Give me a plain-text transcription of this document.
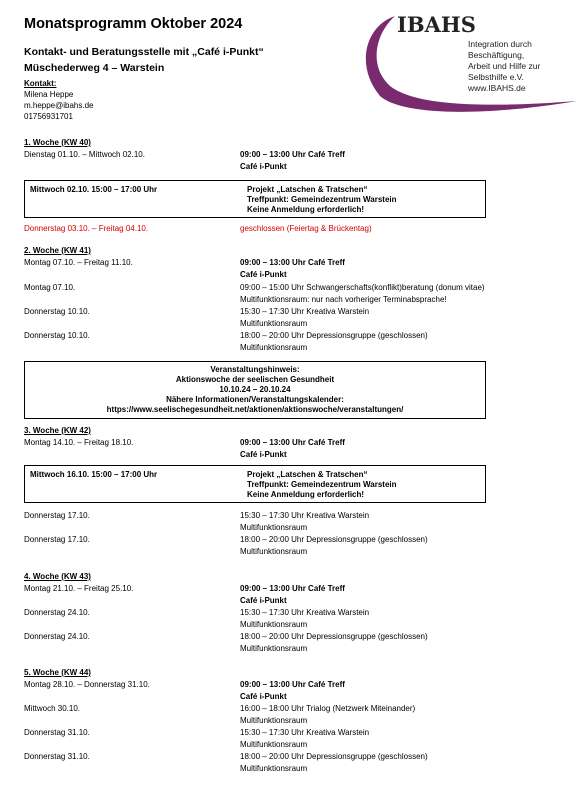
Monatsprogramm Oktober 2024
Kontakt- und Beratungsstelle mit „Café i-Punkt“
Müschederweg 4 – Warstein
Kontakt:
Milena Heppe
m.heppe@ibahs.de
01756931701
IBAHS
Integration durch
Beschäftigung,
Arbeit und Hilfe zur
Selbsthilfe e.V.
www.IBAHS.de
1. Woche (KW 40)
Dienstag 01.10. – Mittwoch 02.10.	09:00 – 13:00 Uhr Café Treff
Café i-Punkt
Mittwoch 02.10. 15:00 – 17:00 Uhr	Projekt „Latschen & Tratschen“
Treffpunkt: Gemeindezentrum Warstein
Keine Anmeldung erforderlich!
Donnerstag 03.10. – Freitag 04.10.	geschlossen (Feiertag & Brückentag)
2. Woche (KW 41)
Montag 07.10. – Freitag 11.10.	09:00 – 13:00 Uhr Café Treff
Café i-Punkt
Montag 07.10.	09:00 – 15:00 Uhr Schwangerschafts(konflikt)beratung (donum vitae)
Multifunktionsraum: nur nach vorheriger Terminabsprache!
Donnerstag 10.10.	15:30 – 17:30 Uhr Kreativa Warstein
Multifunktionsraum
Donnerstag 10.10.	18:00 – 20:00 Uhr Depressionsgruppe (geschlossen)
Multifunktionsraum
Veranstaltungshinweis:
Aktionswoche der seelischen Gesundheit
10.10.24 – 20.10.24
Nähere Informationen/Veranstaltungskalender:
https://www.seelischegesundheit.net/aktionen/aktionswoche/veranstaltungen/
3. Woche (KW 42)
Montag 14.10. – Freitag 18.10.	09:00 – 13:00 Uhr Café Treff
Café i-Punkt
Mittwoch 16.10. 15:00 – 17:00 Uhr	Projekt „Latschen & Tratschen“
Treffpunkt: Gemeindezentrum Warstein
Keine Anmeldung erforderlich!
Donnerstag 17.10.	15:30 – 17:30 Uhr Kreativa Warstein
Multifunktionsraum
Donnerstag 17.10.	18:00 – 20:00 Uhr Depressionsgruppe (geschlossen)
Multifunktionsraum
4. Woche (KW 43)
Montag 21.10. – Freitag 25.10.	09:00 – 13:00 Uhr Café Treff
Café i-Punkt
Donnerstag 24.10.	15:30 – 17:30 Uhr Kreativa Warstein
Multifunktionsraum
Donnerstag 24.10.	18:00 – 20:00 Uhr Depressionsgruppe (geschlossen)
Multifunktionsraum
5. Woche (KW 44)
Montag 28.10. – Donnerstag 31.10.	09:00 – 13:00 Uhr Café Treff
Café i-Punkt
Mittwoch 30.10.	16:00 – 18:00 Uhr Trialog (Netzwerk Miteinander)
Multifunktionsraum
Donnerstag 31.10.	15:30 – 17:30 Uhr Kreativa Warstein
Multifunktionsraum
Donnerstag 31.10.	18:00 – 20:00 Uhr Depressionsgruppe (geschlossen)
Multifunktionsraum
